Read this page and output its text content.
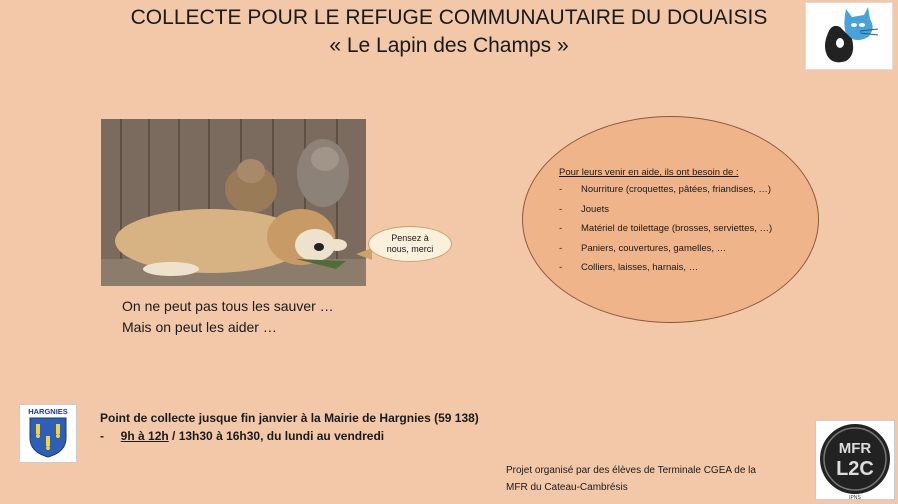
COLLECTE POUR LE REFUGE COMMUNAUTAIRE DU DOUAISIS
« Le Lapin des Champs »
Pensez à
nous, merci
On ne peut pas tous les sauver …
Mais on peut les aider …
Pour leurs venir en aide, ils ont besoin de :
-	Nourriture (croquettes, pâtées, friandises, …)
-	Jouets
-	Matériel de toilettage (brosses, serviettes, …)
-	Paniers, couvertures, gamelles, …
-	Colliers, laisses, harnais, …
HARGNIES	Point de collecte jusque fin janvier à la Mairie de Hargnies (59 138)
- 9h à 12h / 13h30 à 16h30, du lundi au vendredi
Projet organisé par des élèves de Terminale CGEA de la
MFR du Cateau-Cambrésis
MFR
L2C
IPNS
